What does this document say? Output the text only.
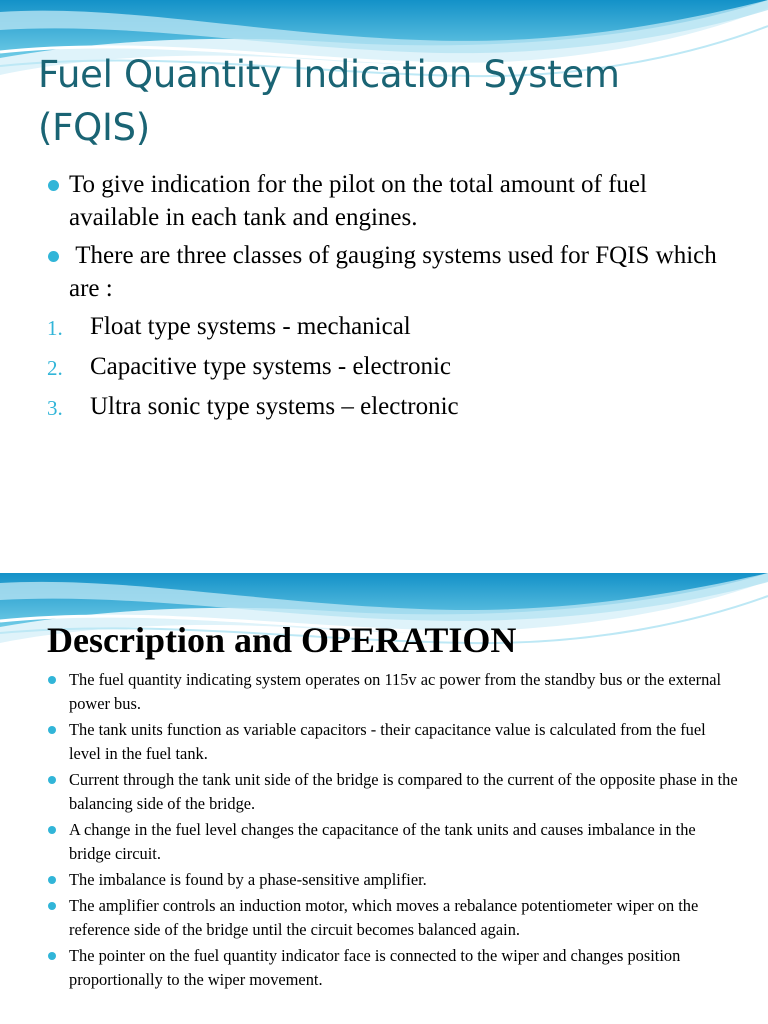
Fuel Quantity Indication System (FQIS)
To give indication for the pilot on the total amount of fuel available in each tank and engines.
There are three classes of gauging systems used for FQIS which are :
1. Float type systems - mechanical
2. Capacitive type systems - electronic
3. Ultra sonic type systems – electronic
Description and OPERATION
The fuel quantity indicating system operates on 115v ac power from the standby bus or the external power bus.
The tank units function as variable capacitors - their capacitance value is calculated from the fuel level in the fuel tank.
Current through the tank unit side of the bridge is compared to the current of the opposite phase in the balancing side of the bridge.
A change in the fuel level changes the capacitance of the tank units and causes imbalance in the bridge circuit.
The imbalance is found by a phase-sensitive amplifier.
The amplifier controls an induction motor, which moves a rebalance potentiometer wiper on the reference side of the bridge until the circuit becomes balanced again.
The pointer on the fuel quantity indicator face is connected to the wiper and changes position proportionally to the wiper movement.
